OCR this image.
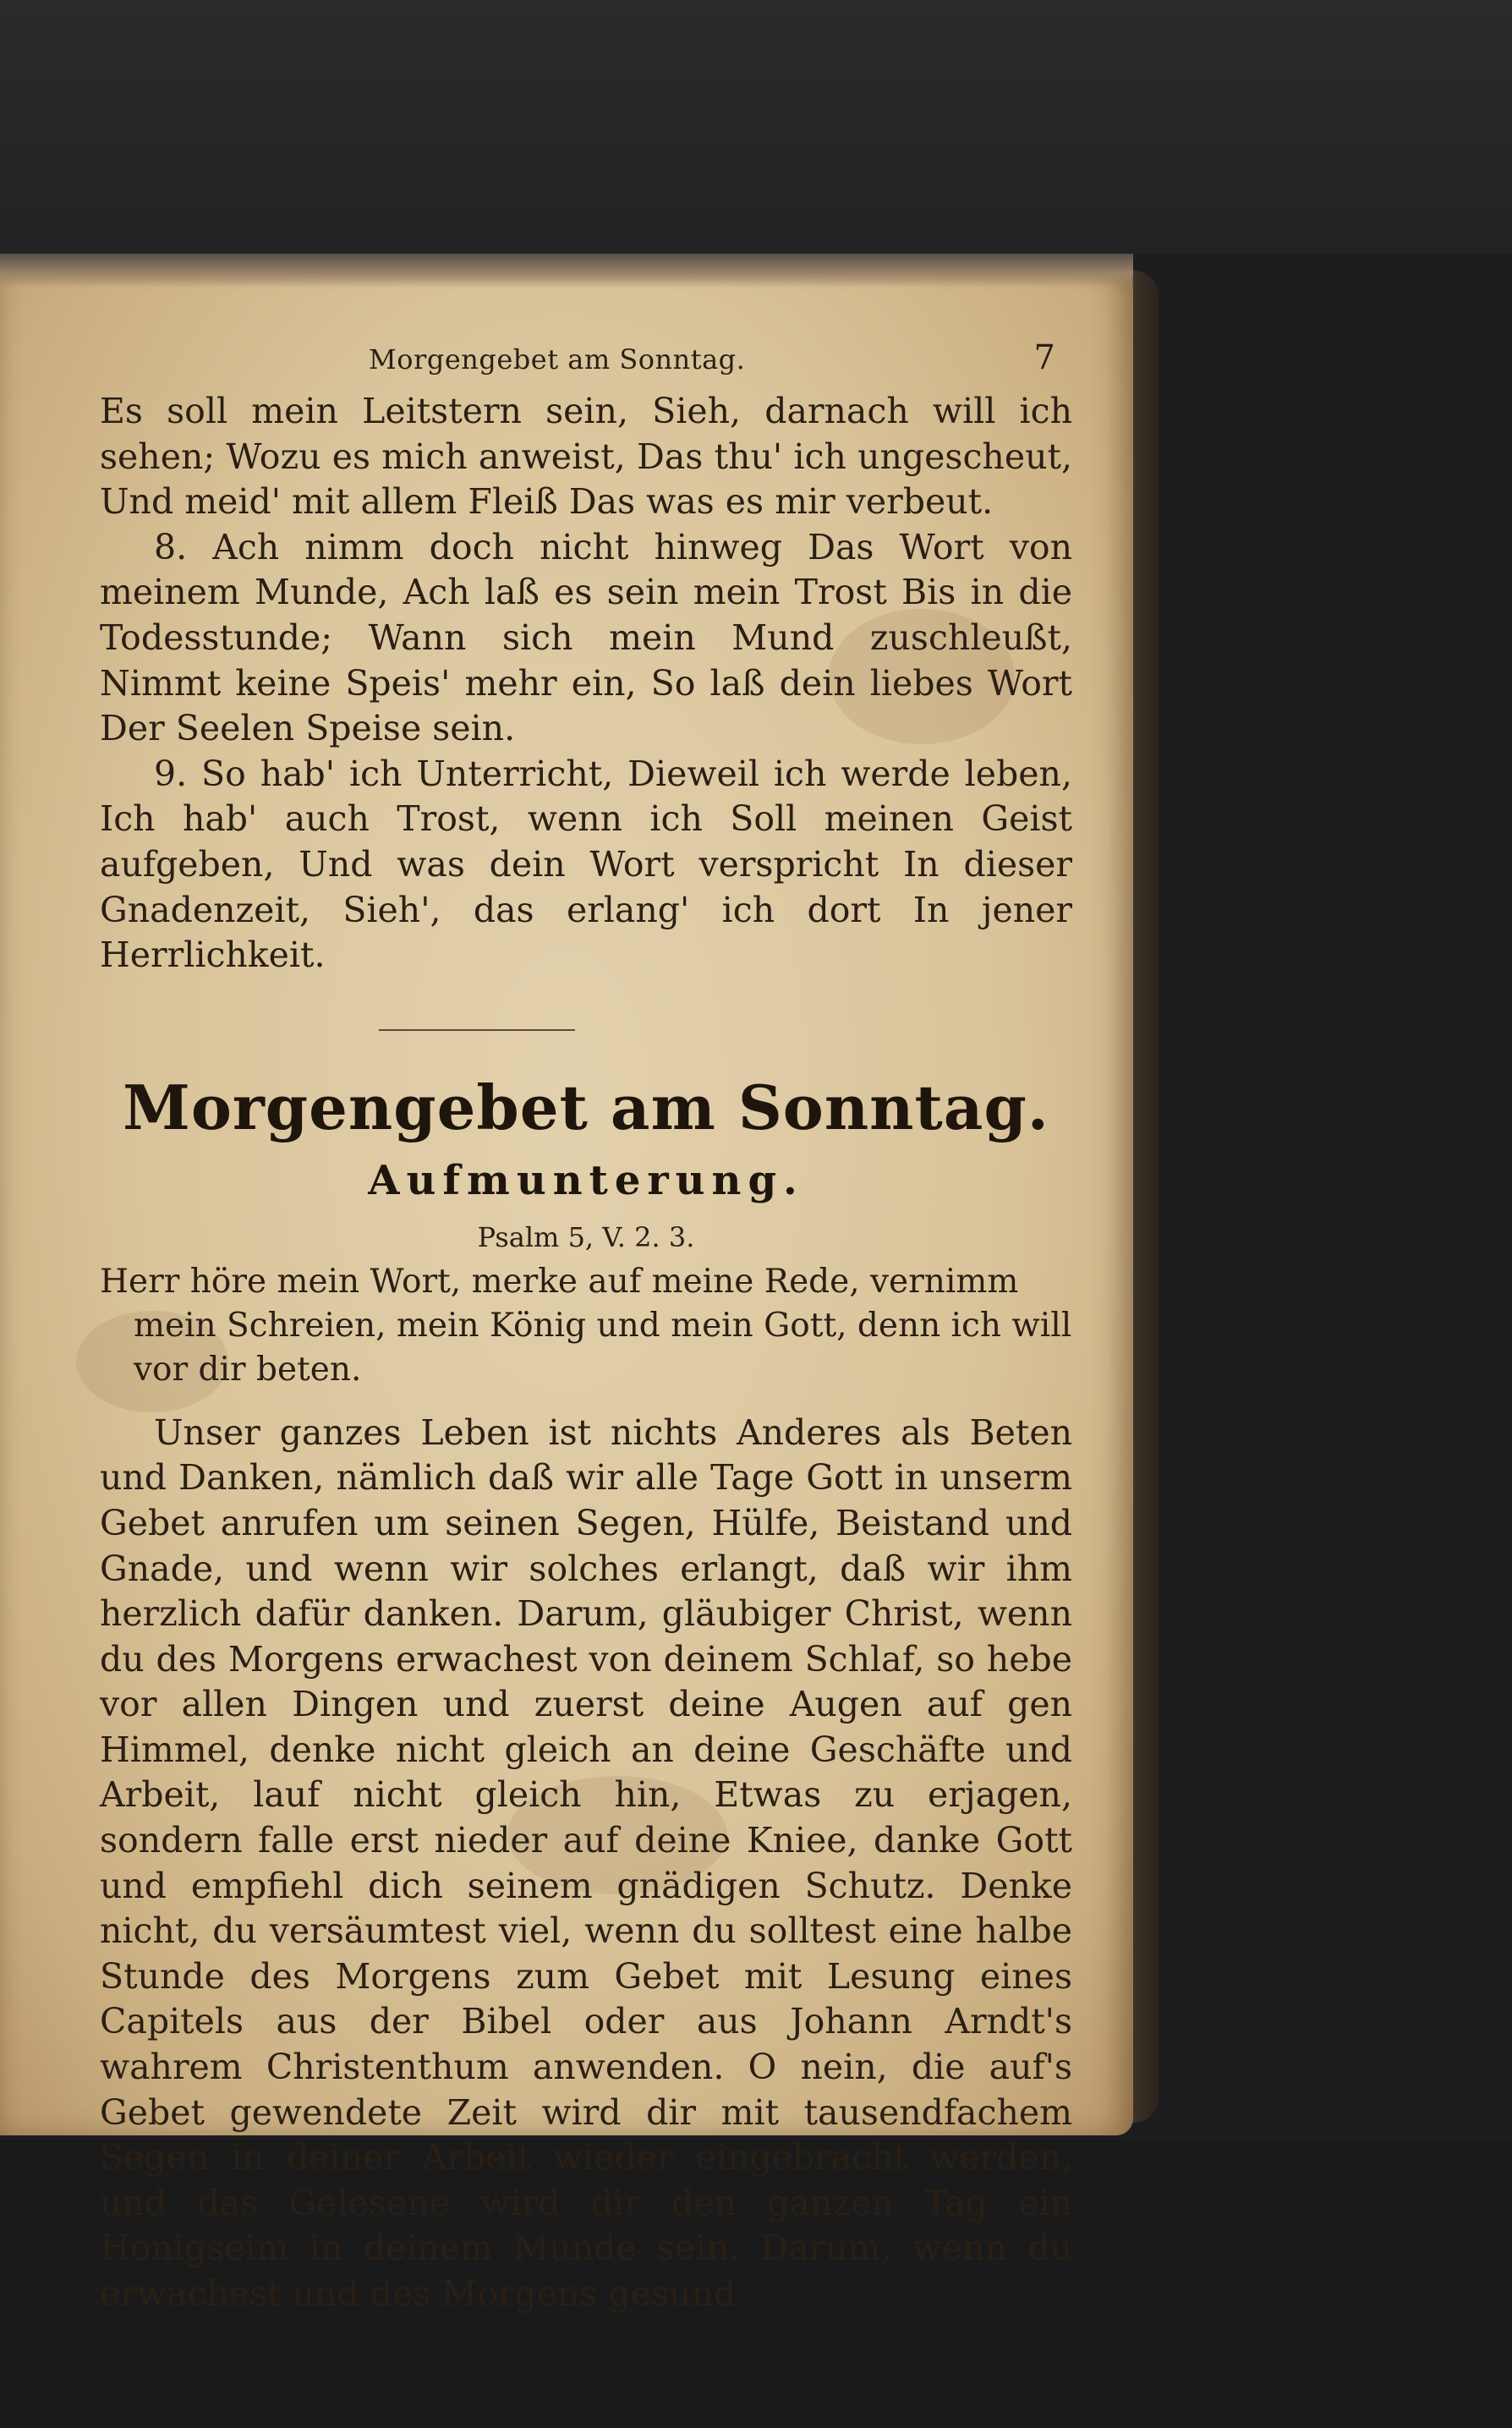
Morgengebet am Sonntag.	7

Es soll mein Leitstern sein, Sieh, darnach will ich sehen; Wozu es mich anweist, Das thu' ich ungescheut, Und meid' mit allem Fleiß Das was es mir verbeut.

8. Ach nimm doch nicht hinweg Das Wort von meinem Munde, Ach laß es sein mein Trost Bis in die Todesstunde; Wann sich mein Mund zuschleußt, Nimmt keine Speis' mehr ein, So laß dein liebes Wort Der Seelen Speise sein.

9. So hab' ich Unterricht, Dieweil ich werde leben, Ich hab' auch Trost, wenn ich Soll meinen Geist aufgeben, Und was dein Wort verspricht In dieser Gnadenzeit, Sieh', das erlang' ich dort In jener Herrlichkeit.

Morgengebet am Sonntag.
Aufmunterung.

Psalm 5, V. 2. 3.

Herr höre mein Wort, merke auf meine Rede, vernimm mein Schreien, mein König und mein Gott, denn ich will vor dir beten.

Unser ganzes Leben ist nichts Anderes als Beten und Danken, nämlich daß wir alle Tage Gott in unserm Gebet anrufen um seinen Segen, Hülfe, Beistand und Gnade, und wenn wir solches erlangt, daß wir ihm herzlich dafür danken. Darum, gläubiger Christ, wenn du des Morgens erwachest von deinem Schlaf, so hebe vor allen Dingen und zuerst deine Augen auf gen Himmel, denke nicht gleich an deine Geschäfte und Arbeit, lauf nicht gleich hin, Etwas zu erjagen, sondern falle erst nieder auf deine Kniee, danke Gott und empfiehl dich seinem gnädigen Schutz. Denke nicht, du versäumtest viel, wenn du solltest eine halbe Stunde des Morgens zum Gebet mit Lesung eines Capitels aus der Bibel oder aus Johann Arndt's wahrem Christenthum anwenden. O nein, die auf's Gebet gewendete Zeit wird dir mit tausendfachem Segen in deiner Arbeit wieder eingebracht werden, und das Gelesene wird dir den ganzen Tag ein Honigseim in deinem Munde sein. Darum, wenn du erwachest und des Morgens gesund
